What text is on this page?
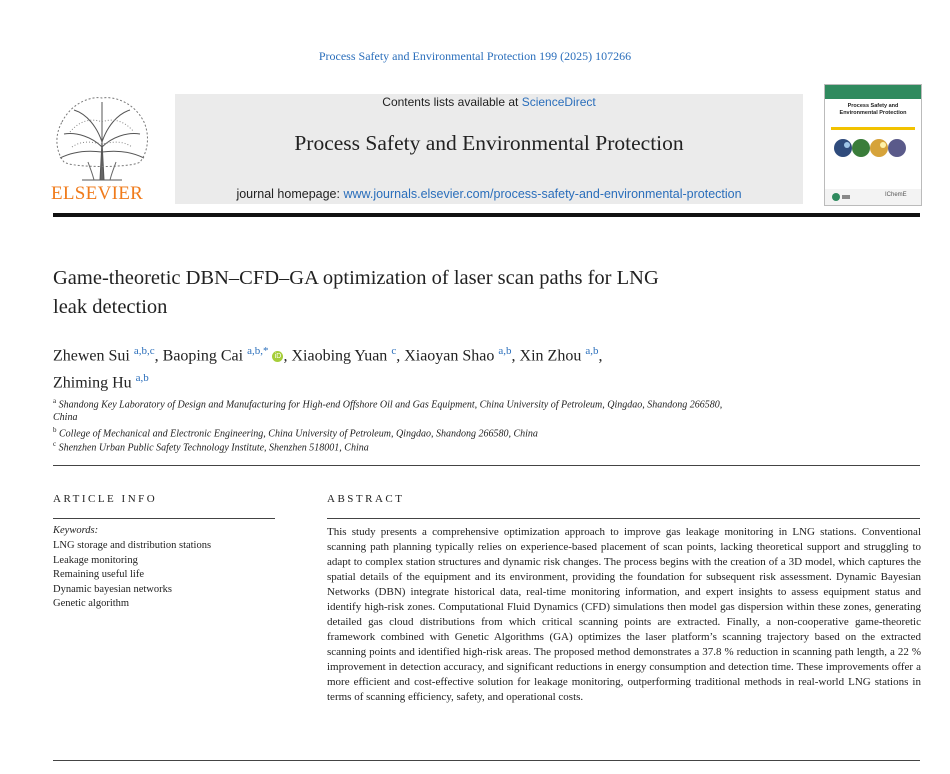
Process Safety and Environmental Protection 199 (2025) 107266
ELSEVIER
Contents lists available at ScienceDirect
Process Safety and Environmental Protection
journal homepage: www.journals.elsevier.com/process-safety-and-environmental-protection
Process Safety and Environmental Protection
IChemE
Game-theoretic DBN–CFD–GA optimization of laser scan paths for LNG
leak detection
Zhewen Sui $^{a,b,c}$, Baoping Cai $^{a,b,*}$ iD , Xiaobing Yuan $^c$, Xiaoyan Shao $^{a,b}$, Xin Zhou $^{a,b}$,
Zhiming Hu $^{a,b}$
$^a$ Shandong Key Laboratory of Design and Manufacturing for High-end Offshore Oil and Gas Equipment, China University of Petroleum, Qingdao, Shandong 266580,
China
$^b$ College of Mechanical and Electronic Engineering, China University of Petroleum, Qingdao, Shandong 266580, China
$^c$ Shenzhen Urban Public Safety Technology Institute, Shenzhen 518001, China
ARTICLE INFO
Keywords:
LNG storage and distribution stations
Leakage monitoring
Remaining useful life
Dynamic bayesian networks
Genetic algorithm
ABSTRACT
This study presents a comprehensive optimization approach to improve gas leakage monitoring in LNG stations. Conventional scanning path planning typically relies on experience-based placement of scan points, lacking theoretical support and struggling to adapt to complex station structures and dynamic risk changes. The process begins with the creation of a 3D model, which captures the spatial details of the equipment and its environment, providing the foundation for subsequent risk assessment. Dynamic Bayesian Networks (DBN) integrate historical data, real-time monitoring information, and expert insights to assess equipment status and identify high-risk zones. Computational Fluid Dynamics (CFD) simulations then model gas dispersion within these zones, generating detailed gas cloud distributions from which critical scanning points are extracted. Finally, a non-cooperative game-theoretic framework combined with Genetic Algorithms (GA) optimizes the laser platform’s scanning trajectory based on the extracted scanning points and identified high-risk areas. The proposed method demonstrates a 37.8 % reduction in scanning path length, a 22 % improvement in detection accuracy, and significant reductions in energy consumption and detection time. These improvements offer a more efficient and cost-effective solution for leakage monitoring, outperforming traditional methods in real-world LNG stations in terms of scanning efficiency, safety, and operational costs.
